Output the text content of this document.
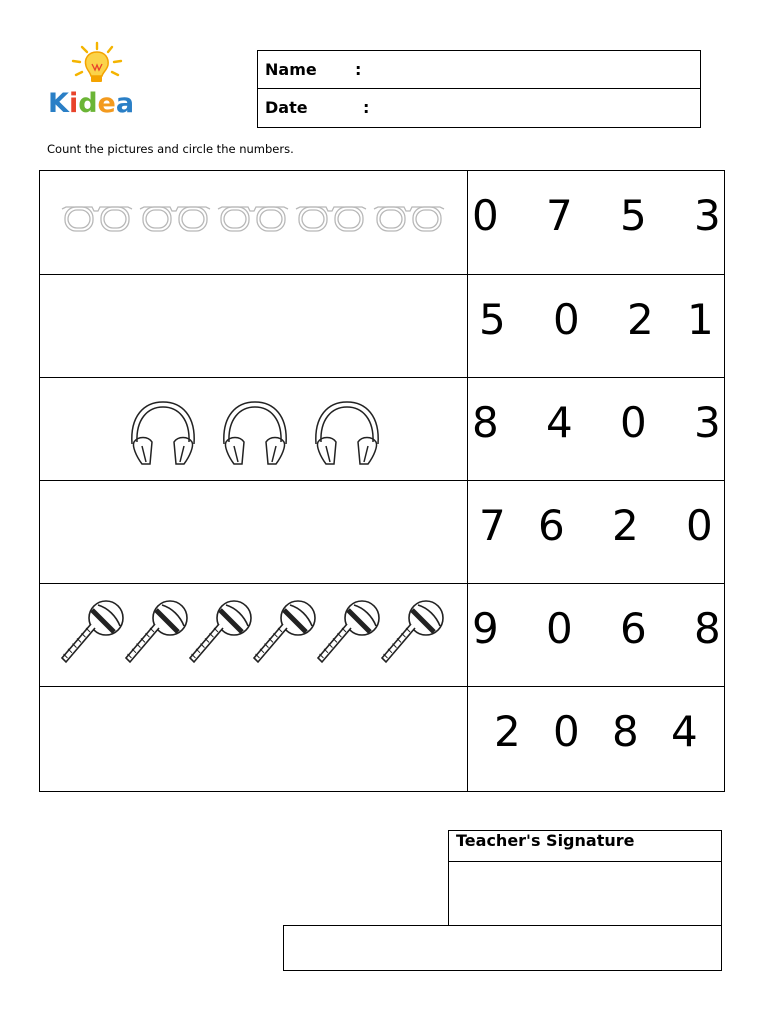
Kidea
Name :
Date	:
Count the pictures and circle the numbers.
0 7 5 3
5 0 2 1
8 4 0 3
7 6 2 0
9 0 6 8
2 0 8 4
Teacher's Signature
